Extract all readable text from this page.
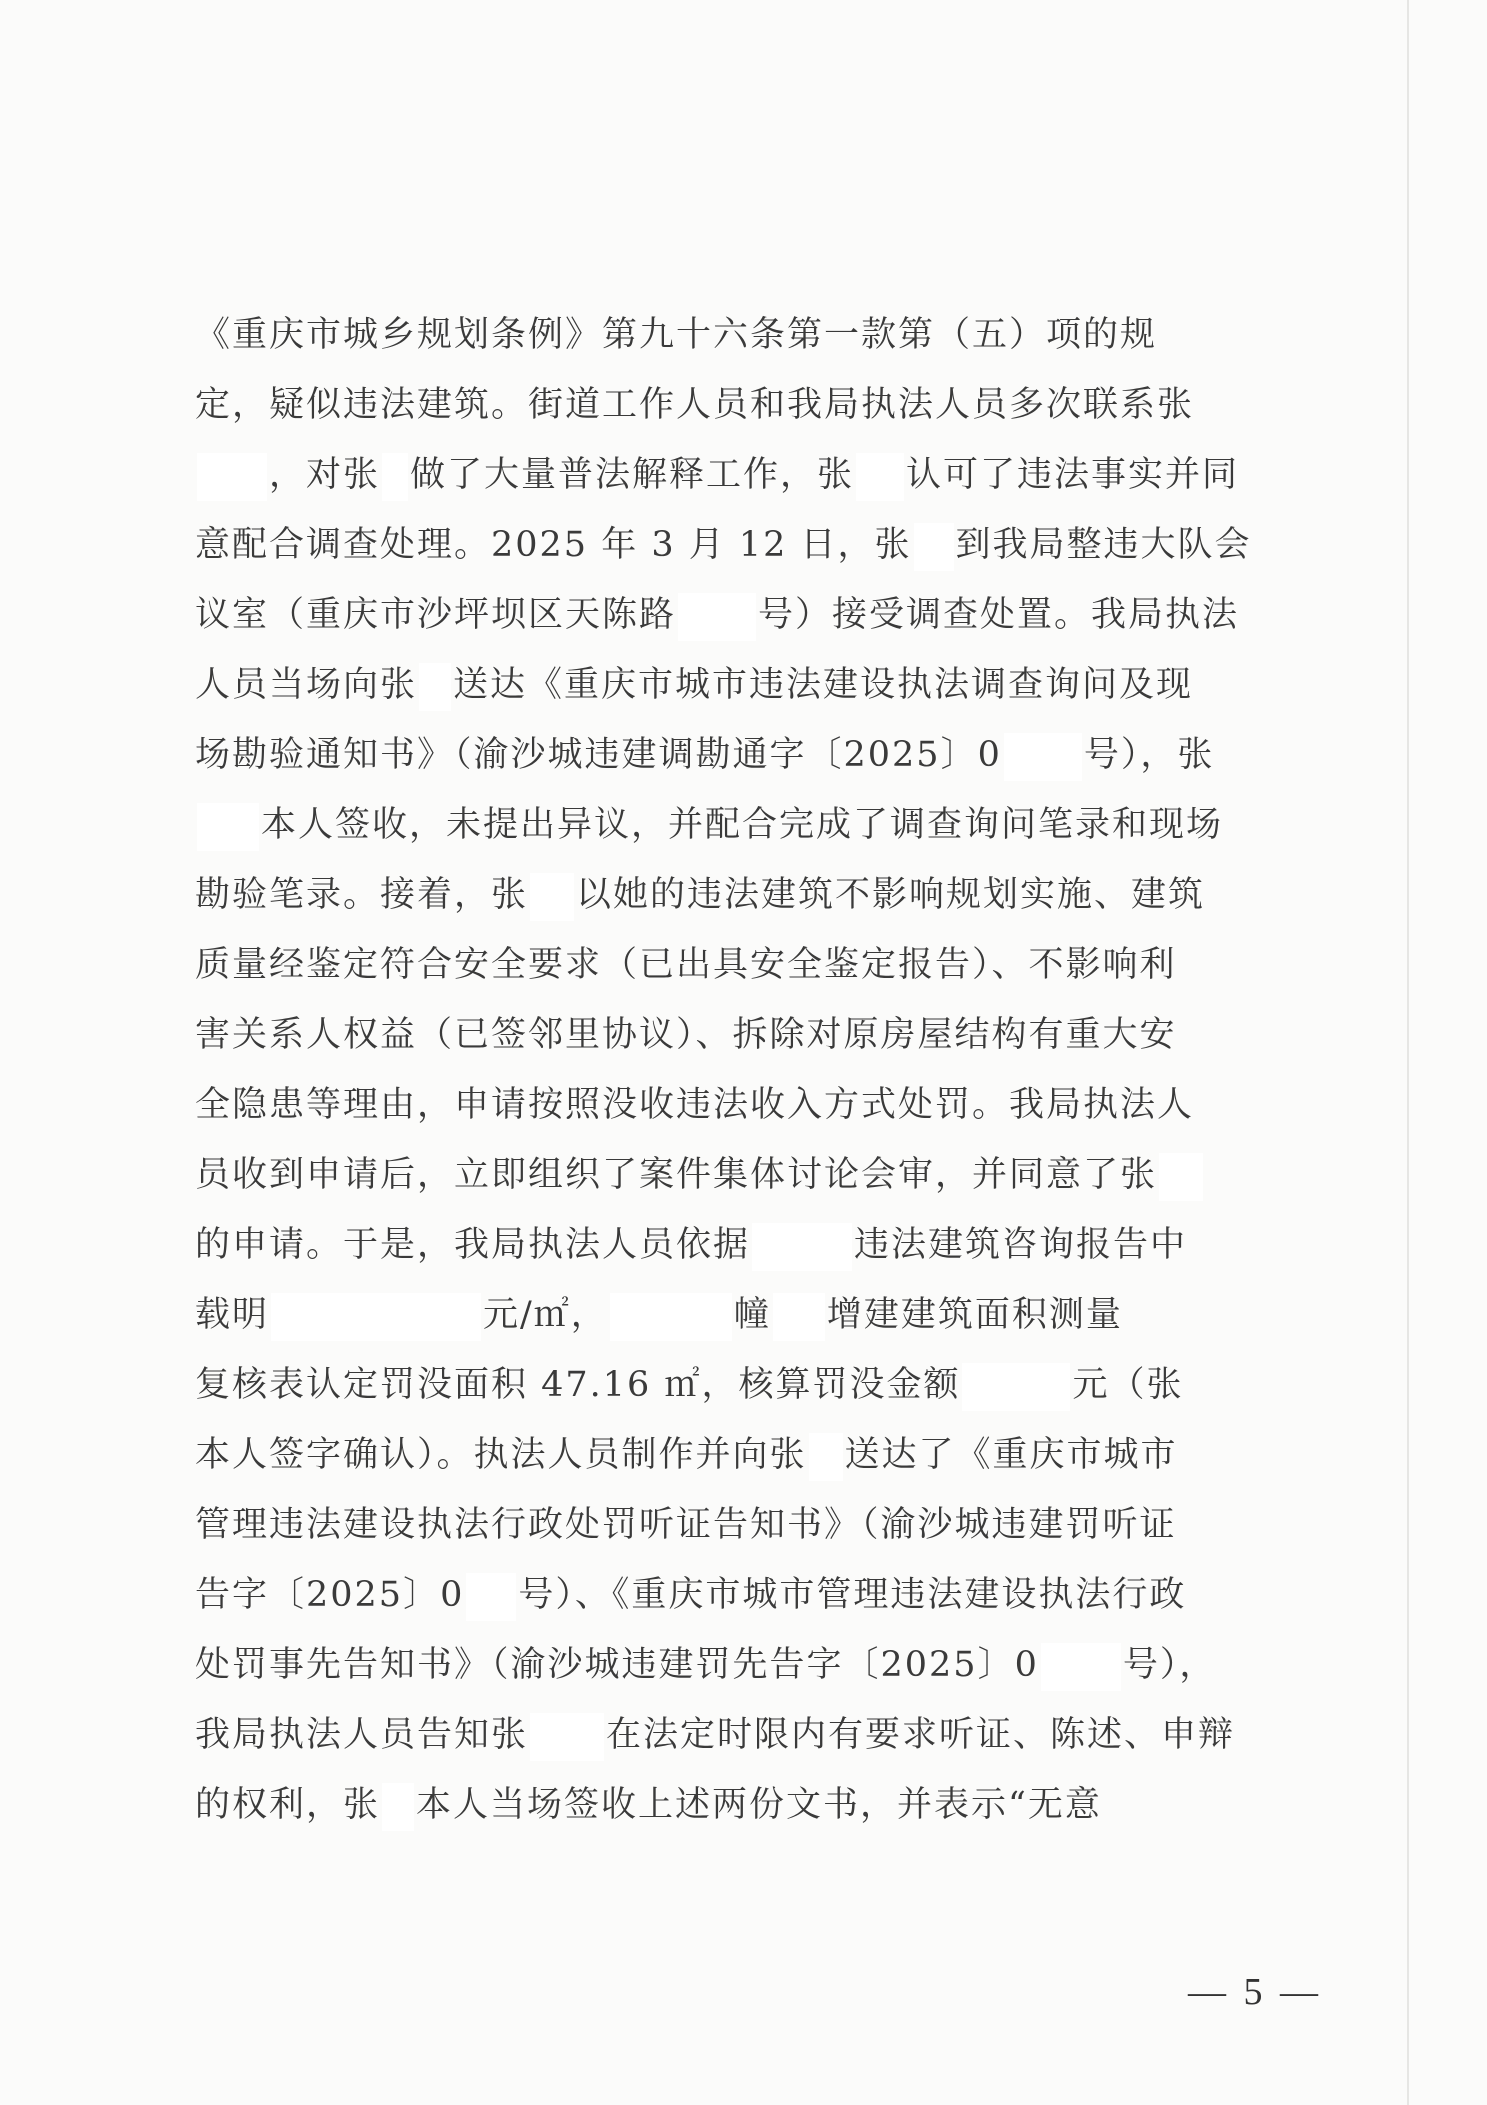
《重庆市城乡规划条例》第九十六条第一款第（五）项的规
定，疑似违法建筑。街道工作人员和我局执法人员多次联系张
，对张 做了大量普法解释工作，张 认可了违法事实并同
意配合调查处理。2025 年 3 月 12 日，张 到我局整违大队会
议室（重庆市沙坪坝区天陈路 号）接受调查处置。我局执法
人员当场向张 送达《重庆市城市违法建设执法调查询问及现
场勘验通知书》（渝沙城违建调勘通字〔2025〕0 号），张
本人签收，未提出异议，并配合完成了调查询问笔录和现场
勘验笔录。接着，张 以她的违法建筑不影响规划实施、建筑
质量经鉴定符合安全要求（已出具安全鉴定报告）、不影响利
害关系人权益（已签邻里协议）、拆除对原房屋结构有重大安
全隐患等理由，申请按照没收违法收入方式处罚。我局执法人
员收到申请后，立即组织了案件集体讨论会审，并同意了张
的申请。于是，我局执法人员依据	违法建筑咨询报告中
载明	元/㎡，	幢 增建建筑面积测量
复核表认定罚没面积 47.16 ㎡，核算罚没金额	元（张
本人签字确认）。执法人员制作并向张 送达了《重庆市城市
管理违法建设执法行政处罚听证告知书》（渝沙城违建罚听证
告字〔2025〕0 号）、《重庆市城市管理违法建设执法行政
处罚事先告知书》（渝沙城违建罚先告字〔2025〕0 号），
我局执法人员告知张 在法定时限内有要求听证、陈述、申辩
的权利，张 本人当场签收上述两份文书，并表示“无意
— 5 —
